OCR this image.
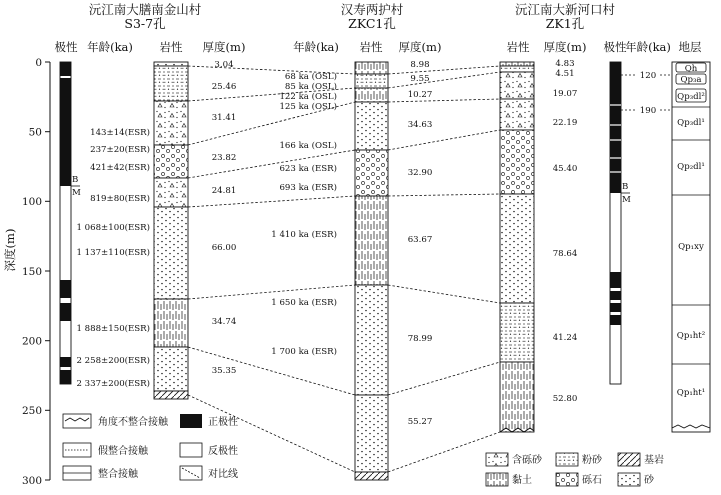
沅江南大膳南金山村
S3-7孔
极性 年龄(ka) 岩性 厚度(m)
汉寿两护村
ZKC1孔
年龄(ka) 岩性 厚度(m)
沅江南大新河口村
ZK1孔
岩性 厚度(m) 极性
年龄(ka) 地层
0
50
100
150
200
250
300
深度(m)
B
M
3.04
25.46
31.41
23.82
24.81
66.00
34.74
35.35
143±14(ESR)
237±20(ESR)
421±42(ESR)
819±80(ESR)
1 068±100(ESR)
1 137±110(ESR)
1 888±150(ESR)
2 258±200(ESR)
2 337±200(ESR)
8.98
9.55
10.27
34.63
32.90
63.67
78.99
55.27
68 ka (OSL)
85 ka (OSL)
122 ka (OSL)
125 ka (OSL)
166 ka (OSL)
623 ka (ESR)
693 ka (ESR)
1 410 ka (ESR)
1 650 ka (ESR)
1 700 ka (ESR)
4.83
4.51
19.07
22.19
45.40
78.64
41.24
52.80
B
M
120
190
Qh
Qp₃a
Qp₃dl²
Qp₃dl¹
Qp₂dl¹
Qp₁xy
Qp₁ht²
Qp₁ht¹
角度不整合接触
假整合接触
整合接触
正极性
反极性
对比线
含砾砂	粉砂	基岩
黏土	砾石	砂
